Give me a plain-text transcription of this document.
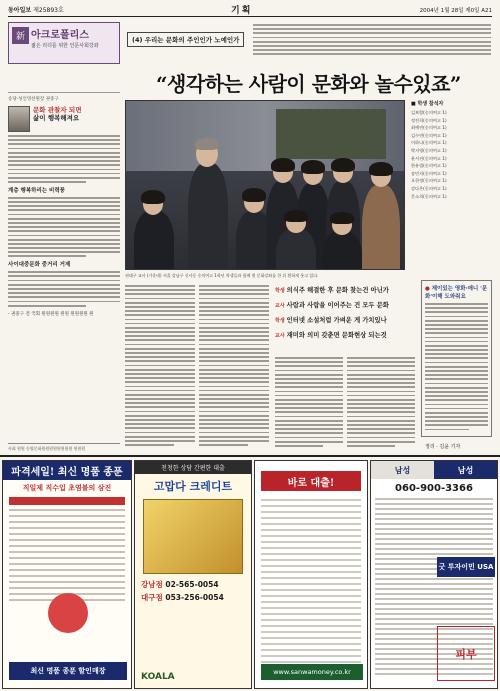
동아일보 제25893호	기획	2004년 1월 28일 제0일 A21
新 아크로폴리스
젊은 리더를 위한 인문사회강좌
송당·성인영선원장 권중구
문화 관찰자 되면
삶이 행복해져요
계층 행복하리는 비력풍
사이대중문화 중거리 거제
- 권중구 전 국회 원원원원 원원 원원원원 원
사회 원원 동양문화원원원원원원원원 원원원
(4) 우리는 문화의 주인인가 노예인가
“생각하는 사람이 문화와 놀수있죠”
■ 학생 참석자
김보람(숭의여고 1)
정진희(숭의여고 1)
최예린(숭의여고 1)
김수연(숭의여고 1)
이하나(숭의여고 1)
박지영(숭의여고 1)
윤서진(숭의여고 1)
한유림(숭의여고 1)
송민지(숭의여고 1)
오현정(숭의여고 1)
강다은(숭의여고 1)
문소희(숭의여고 1)
권태구 교사 (가운데) 서울 강남구 신사동 숭의여고 1학년 학생들과 함께 원 문화강좌를 한 뒤 환하게 웃고 있다.
학생 의식주 해결한 후 문화 찾는건 아닌가
교사 사람과 사람을 이어주는 건 모두 문화
학생 인터넷 소설처럼 가벼운 게 가치있나
교사 재미와 의미 갖춘면 문화현상 되는것
● 제이있는 영화·애니 '문화'이해 도와줘요
정리 · 김윤 기자
파격세일! 최신 명품 종푼
직일제 직수입 초염불의 삼진
최신 명품 종푼 할인매장
천청한 상담 간편한 대출
고맙다 크레디트
강남점 02-565-0054
대구점 053-256-0054
KOALA
바로 대출!
www.sanwamoney.co.kr
남성	남성
060-900-3366
굿 투자이민 USA
피부
